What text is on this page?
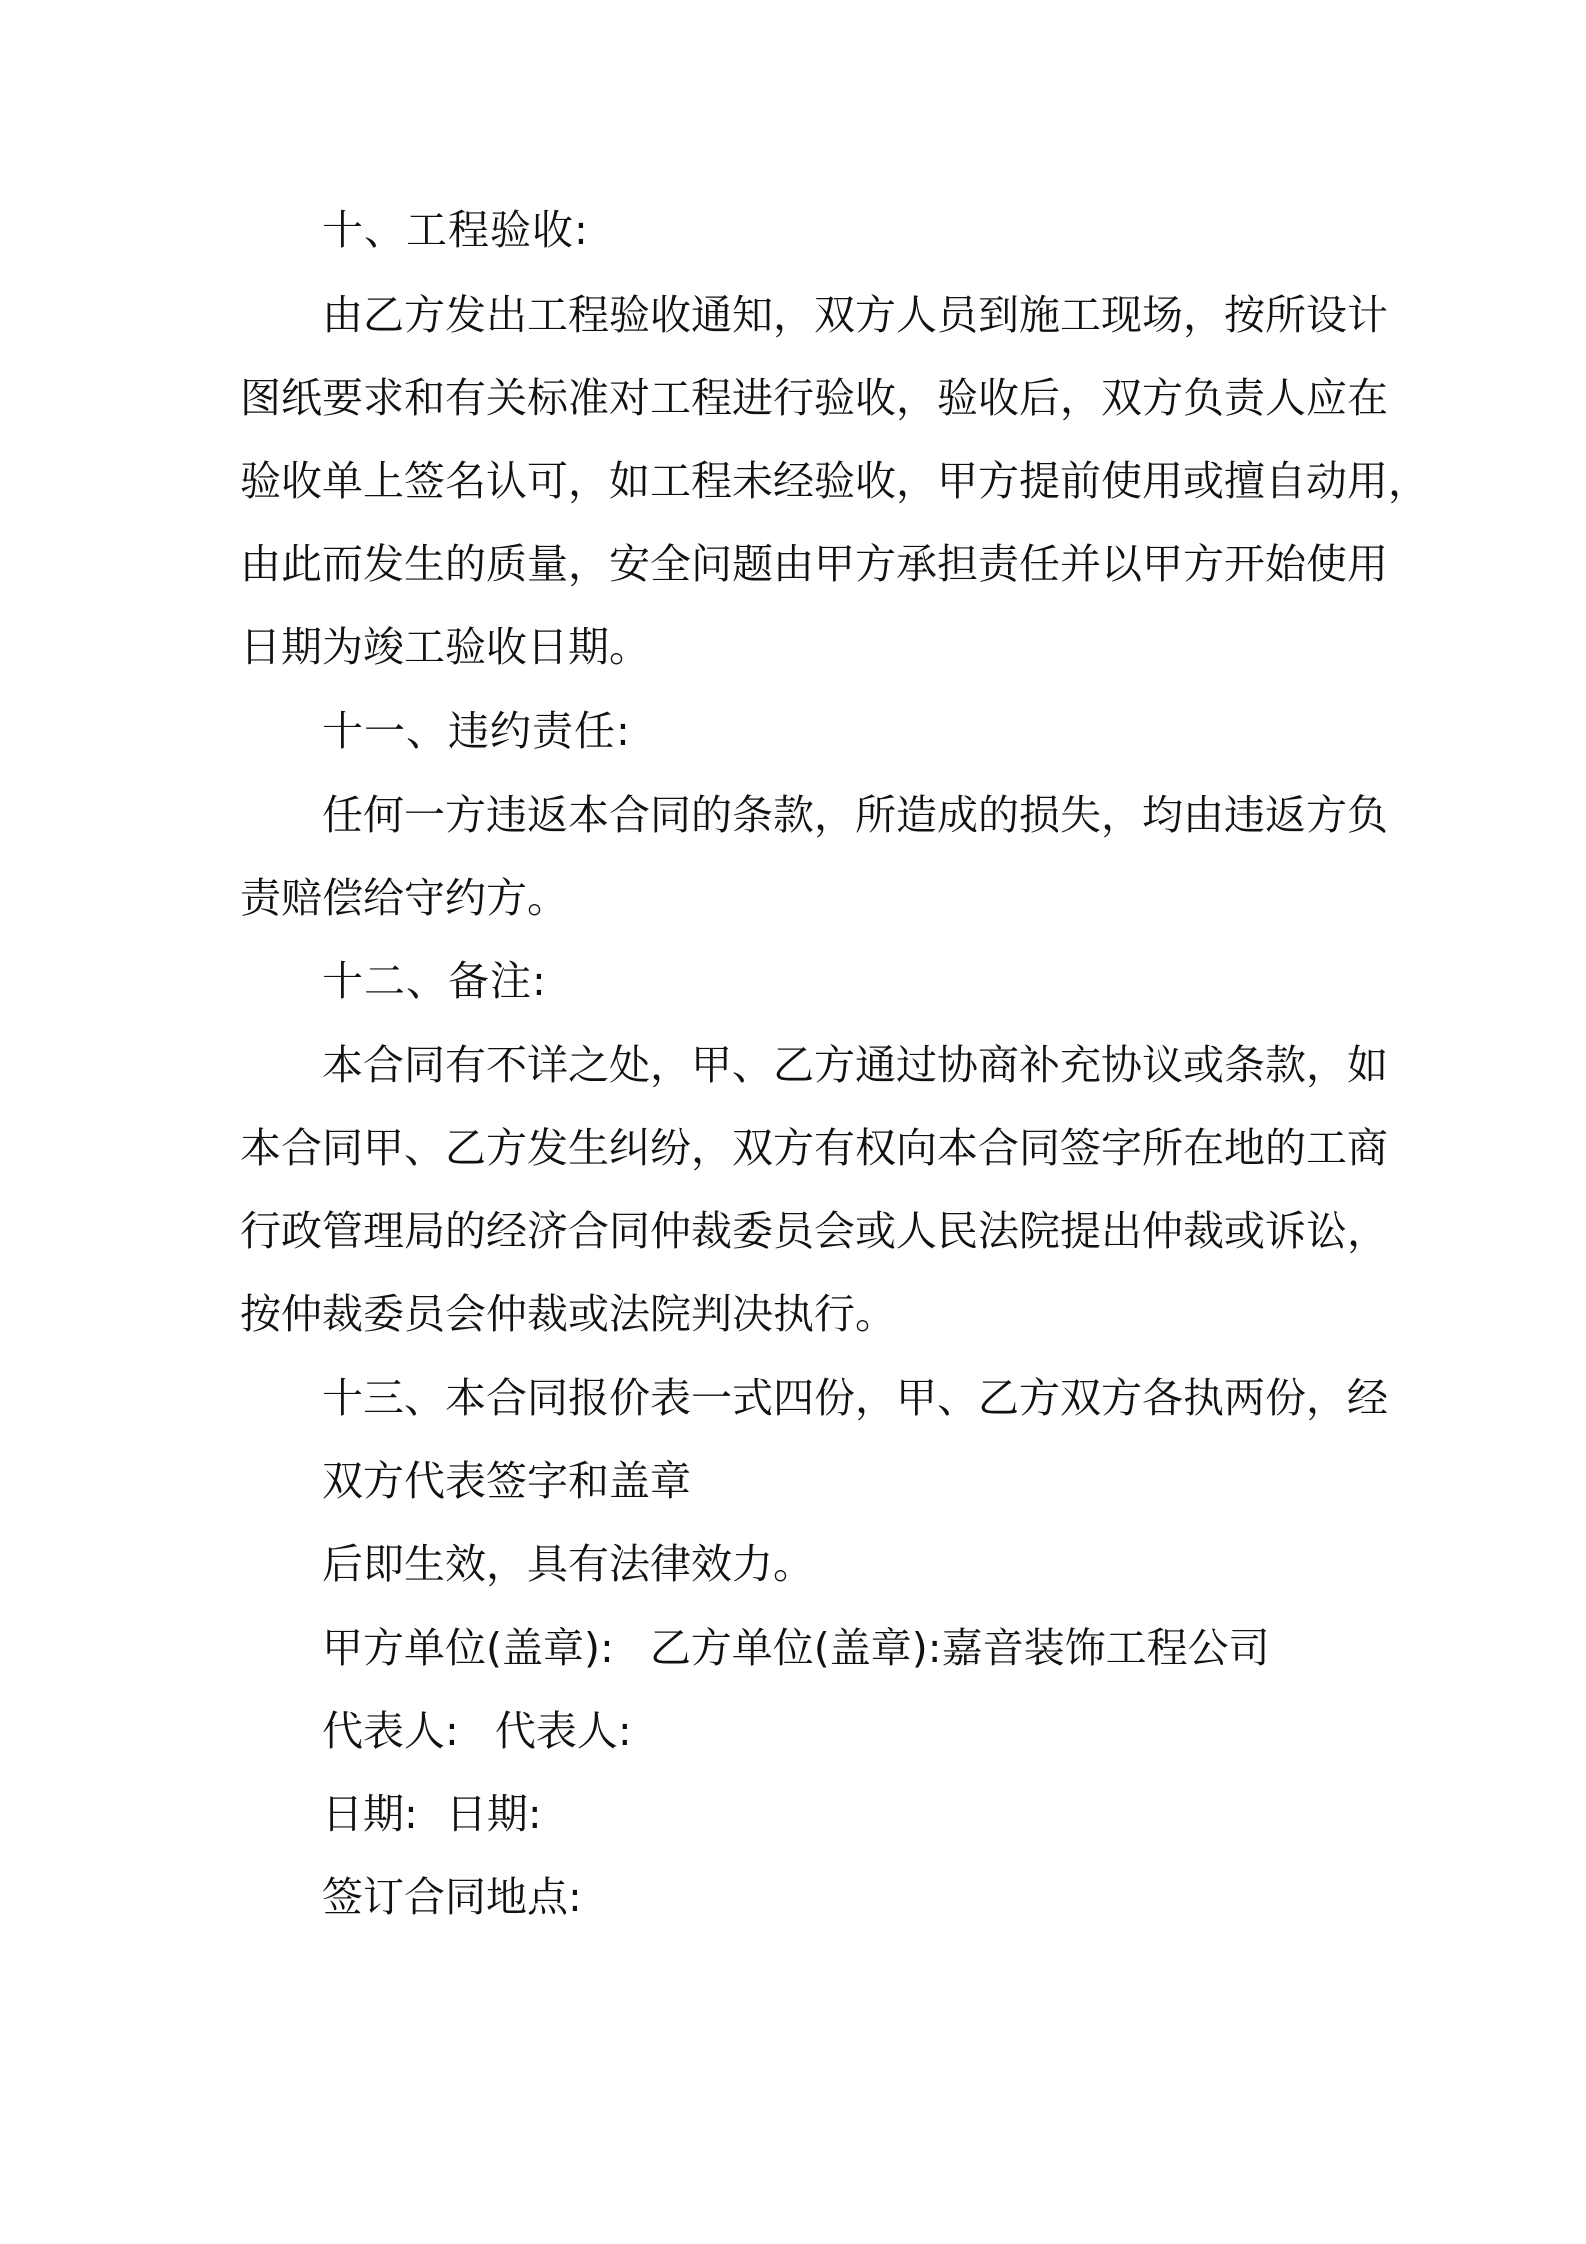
十、工程验收:
由乙方发出工程验收通知，双方人员到施工现场，按所设计
图纸要求和有关标准对工程进行验收，验收后，双方负责人应在
验收单上签名认可，如工程未经验收，甲方提前使用或擅自动用，
由此而发生的质量，安全问题由甲方承担责任并以甲方开始使用
日期为竣工验收日期。
十一、违约责任:
任何一方违返本合同的条款，所造成的损失，均由违返方负
责赔偿给守约方。
十二、备注:
本合同有不详之处，甲、乙方通过协商补充协议或条款，如
本合同甲、乙方发生纠纷，双方有权向本合同签字所在地的工商
行政管理局的经济合同仲裁委员会或人民法院提出仲裁或诉讼，
按仲裁委员会仲裁或法院判决执行。
十三、本合同报价表一式四份，甲、乙方双方各执两份，经
双方代表签字和盖章
后即生效，具有法律效力。
甲方单位(盖章): 乙方单位(盖章):嘉音装饰工程公司
代表人: 代表人:
日期: 日期:
签订合同地点:
